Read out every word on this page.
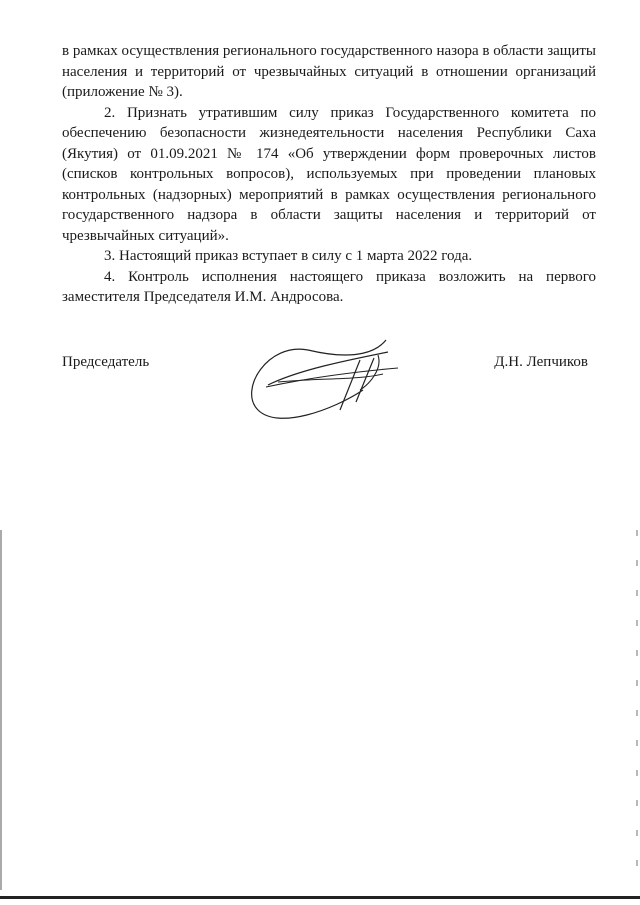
в рамках осуществления регионального государственного назора в области защиты населения и территорий от чрезвычайных ситуаций в отношении организаций (приложение № 3).

2. Признать утратившим силу приказ Государственного комитета по обеспечению безопасности жизнедеятельности населения Республики Саха (Якутия) от 01.09.2021 № 174 «Об утверждении форм проверочных листов (списков контрольных вопросов), используемых при проведении плановых контрольных (надзорных) мероприятий в рамках осуществления регионального государственного надзора в области защиты населения и территорий от чрезвычайных ситуаций».

3. Настоящий приказ вступает в силу с 1 марта 2022 года.

4. Контроль исполнения настоящего приказа возложить на первого заместителя Председателя И.М. Андросова.

Председатель	Д.Н. Лепчиков
